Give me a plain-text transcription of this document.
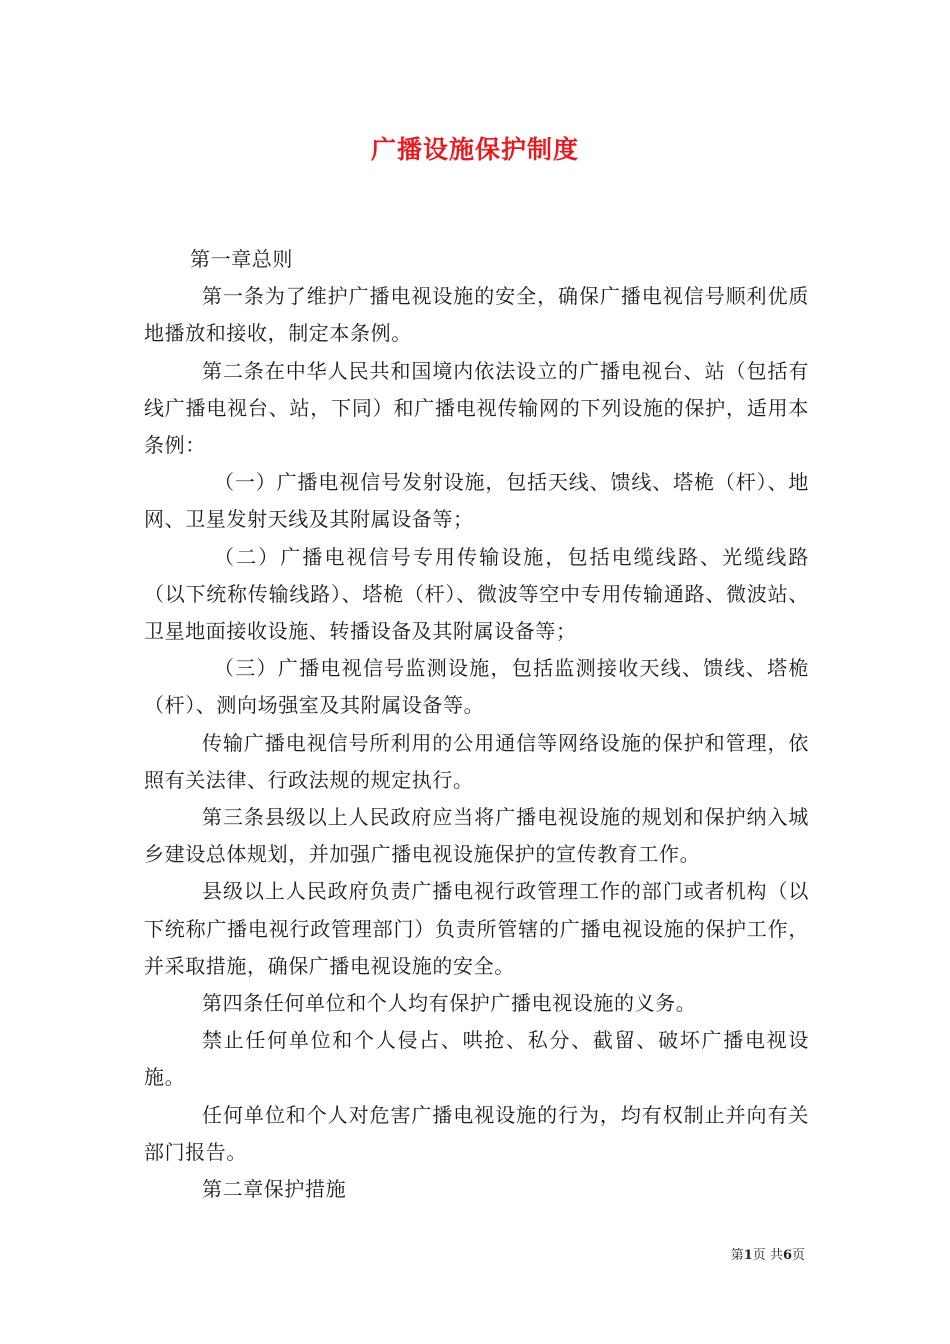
广播设施保护制度

第一章总则

第一条为了维护广播电视设施的安全，确保广播电视信号顺利优质地播放和接收，制定本条例。

第二条在中华人民共和国境内依法设立的广播电视台、站（包括有线广播电视台、站，下同）和广播电视传输网的下列设施的保护，适用本条例：

（一）广播电视信号发射设施，包括天线、馈线、塔桅（杆）、地网、卫星发射天线及其附属设备等；

（二）广播电视信号专用传输设施，包括电缆线路、光缆线路（以下统称传输线路）、塔桅（杆）、微波等空中专用传输通路、微波站、卫星地面接收设施、转播设备及其附属设备等；

（三）广播电视信号监测设施，包括监测接收天线、馈线、塔桅（杆）、测向场强室及其附属设备等。

传输广播电视信号所利用的公用通信等网络设施的保护和管理，依照有关法律、行政法规的规定执行。

第三条县级以上人民政府应当将广播电视设施的规划和保护纳入城乡建设总体规划，并加强广播电视设施保护的宣传教育工作。

县级以上人民政府负责广播电视行政管理工作的部门或者机构（以下统称广播电视行政管理部门）负责所管辖的广播电视设施的保护工作，并采取措施，确保广播电视设施的安全。

第四条任何单位和个人均有保护广播电视设施的义务。

禁止任何单位和个人侵占、哄抢、私分、截留、破坏广播电视设施。

任何单位和个人对危害广播电视设施的行为，均有权制止并向有关部门报告。

第二章保护措施

第1页 共6页
